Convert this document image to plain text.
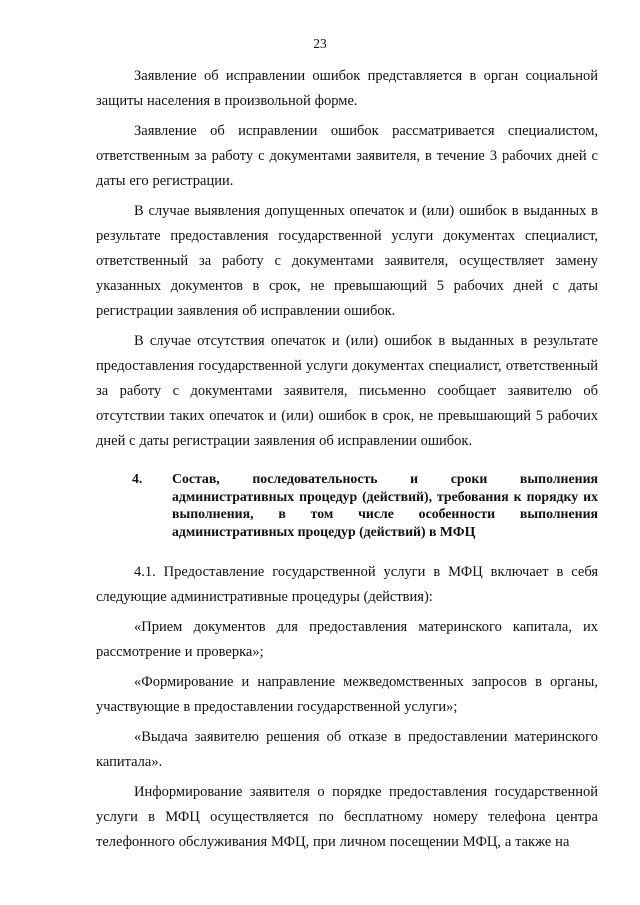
23

Заявление об исправлении ошибок представляется в орган социальной защиты населения в произвольной форме.

Заявление об исправлении ошибок рассматривается специалистом, ответственным за работу с документами заявителя, в течение 3 рабочих дней с даты его регистрации.

В случае выявления допущенных опечаток и (или) ошибок в выданных в результате предоставления государственной услуги документах специалист, ответственный за работу с документами заявителя, осуществляет замену указанных документов в срок, не превышающий 5 рабочих дней с даты регистрации заявления об исправлении ошибок.

В случае отсутствия опечаток и (или) ошибок в выданных в результате предоставления государственной услуги документах специалист, ответственный за работу с документами заявителя, письменно сообщает заявителю об отсутствии таких опечаток и (или) ошибок в срок, не превышающий 5 рабочих дней с даты регистрации заявления об исправлении ошибок.

4.	Состав, последовательность и сроки выполнения административных процедур (действий), требования к порядку их выполнения, в том числе особенности выполнения административных процедур (действий) в МФЦ

4.1. Предоставление государственной услуги в МФЦ включает в себя следующие административные процедуры (действия):

«Прием документов для предоставления материнского капитала, их рассмотрение и проверка»;

«Формирование и направление межведомственных запросов в органы, участвующие в предоставлении государственной услуги»;

«Выдача заявителю решения об отказе в предоставлении материнского капитала».

Информирование заявителя о порядке предоставления государственной услуги в МФЦ осуществляется по бесплатному номеру телефона центра телефонного обслуживания МФЦ, при личном посещении МФЦ, а также на
